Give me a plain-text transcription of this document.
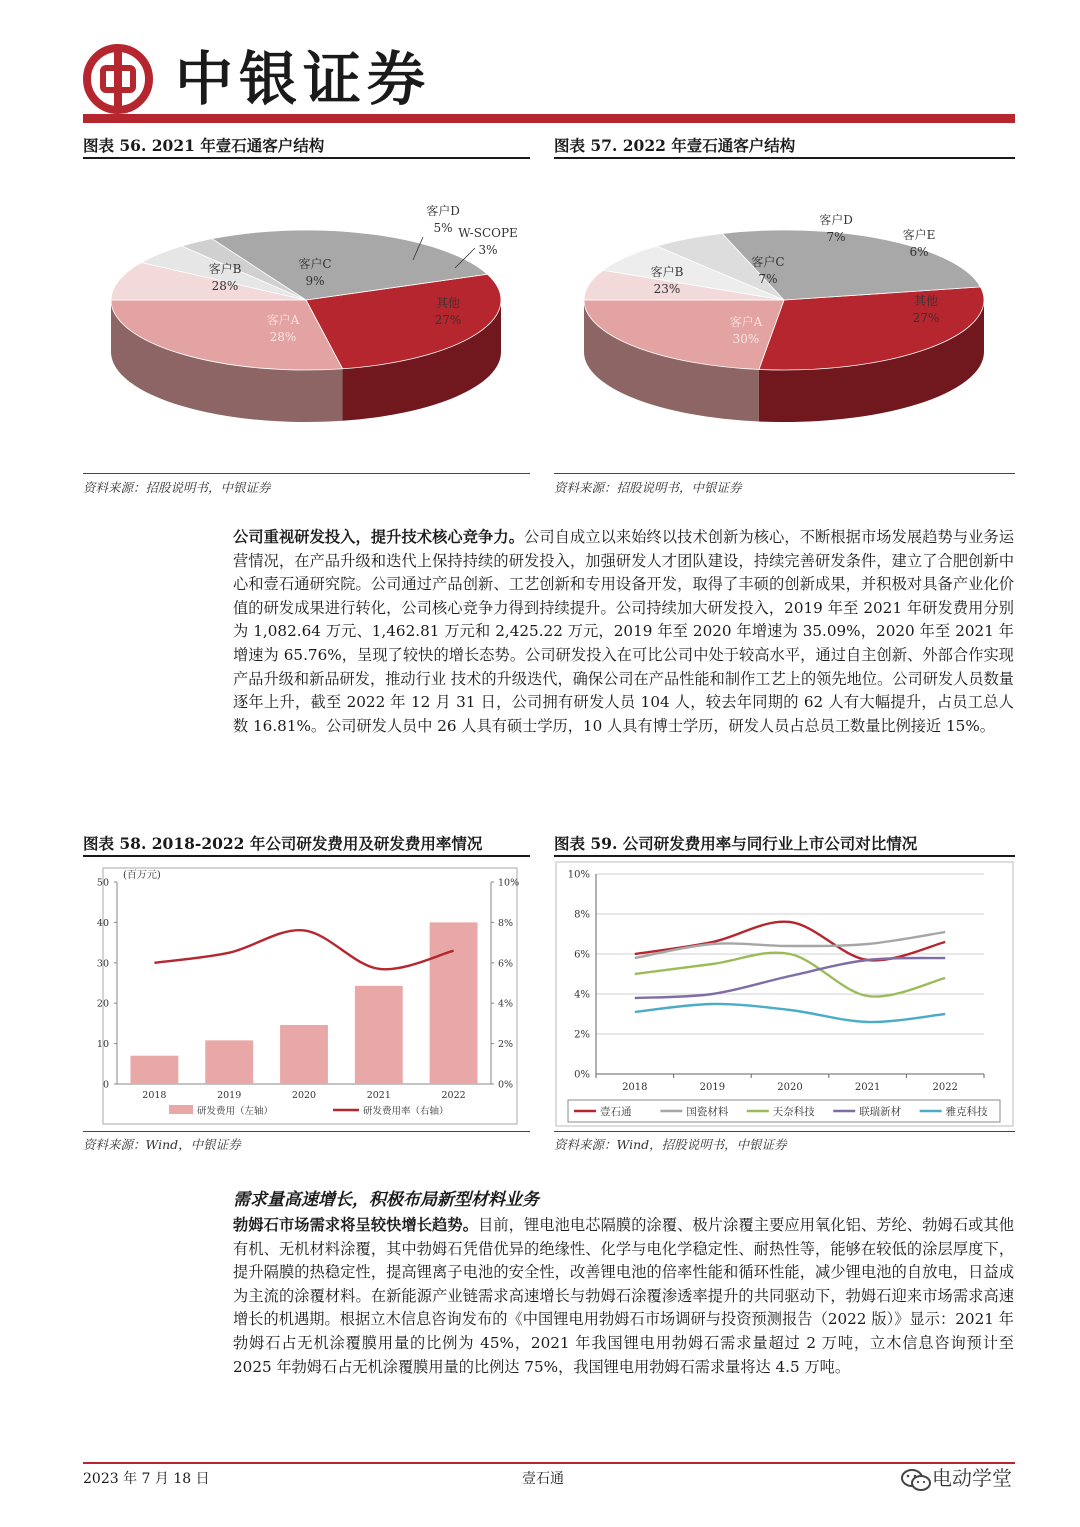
中银证券
图表 56. 2021 年壹石通客户结构
客户A
28%
客户B
28%
客户C
9%
客户D
5% W-SCOPE
3%
其他
27%
资料来源：招股说明书，中银证券
图表 57. 2022 年壹石通客户结构
客户A
30%
客户B
23%
客户C
7%
客户D
7%	客户E
6%
其他
27%
资料来源：招股说明书，中银证券
公司重视研发投入，提升技术核心竞争力。公司自成立以来始终以技术创新为核心，不断根据市场发展趋势与业务运营情况，在产品升级和迭代上保持持续的研发投入，加强研发人才团队建设，持续完善研发条件，建立了合肥创新中心和壹石通研究院。公司通过产品创新、工艺创新和专用设备开发，取得了丰硕的创新成果，并积极对具备产业化价值的研发成果进行转化，公司核心竞争力得到持续提升。公司持续加大研发投入，2019 年至 2021 年研发费用分别为 1,082.64 万元、1,462.81 万元和 2,425.22 万元，2019 年至 2020 年增速为 35.09%，2020 年至 2021 年增速为 65.76%，呈现了较快的增长态势。公司研发投入在可比公司中处于较高水平，通过自主创新、外部合作实现产品升级和新品研发，推动行业 技术的升级迭代，确保公司在产品性能和制作工艺上的领先地位。公司研发人员数量逐年上升，截至 2022 年 12 月 31 日，公司拥有研发人员 104 人，较去年同期的 62 人有大幅提升，占员工总人数 16.81%。公司研发人员中 26 人具有硕士学历，10 人具有博士学历，研发人员占总员工数量比例接近 15%。
图表 58. 2018-2022 年公司研发费用及研发费用率情况
(百万元)
0
10
20
30
40
50
0%
2%
4%
6%
8%
10%
2018	2019	2020	2021	2022
研发费用（左轴）	研发费用率（右轴）
资料来源：Wind，中银证券
图表 59. 公司研发费用率与同行业上市公司对比情况
0%
2%
4%
6%
8%
10%
2018	2019	2020	2021	2022
壹石通	国瓷材料	天奈科技	联瑞新材	雅克科技
资料来源：Wind，招股说明书，中银证券
需求量高速增长，积极布局新型材料业务
勃姆石市场需求将呈较快增长趋势。目前，锂电池电芯隔膜的涂覆、极片涂覆主要应用氧化铝、芳纶、勃姆石或其他有机、无机材料涂覆，其中勃姆石凭借优异的绝缘性、化学与电化学稳定性、耐热性等，能够在较低的涂层厚度下，提升隔膜的热稳定性，提高锂离子电池的安全性，改善锂电池的倍率性能和循环性能，减少锂电池的自放电，日益成为主流的涂覆材料。在新能源产业链需求高速增长与勃姆石涂覆渗透率提升的共同驱动下，勃姆石迎来市场需求高速增长的机遇期。根据立木信息咨询发布的《中国锂电用勃姆石市场调研与投资预测报告（2022 版）》显示：2021 年勃姆石占无机涂覆膜用量的比例为 45%，2021 年我国锂电用勃姆石需求量超过 2 万吨，立木信息咨询预计至 2025 年勃姆石占无机涂覆膜用量的比例达 75%，我国锂电用勃姆石需求量将达 4.5 万吨。
2023 年 7 月 18 日	壹石通	电动学堂
